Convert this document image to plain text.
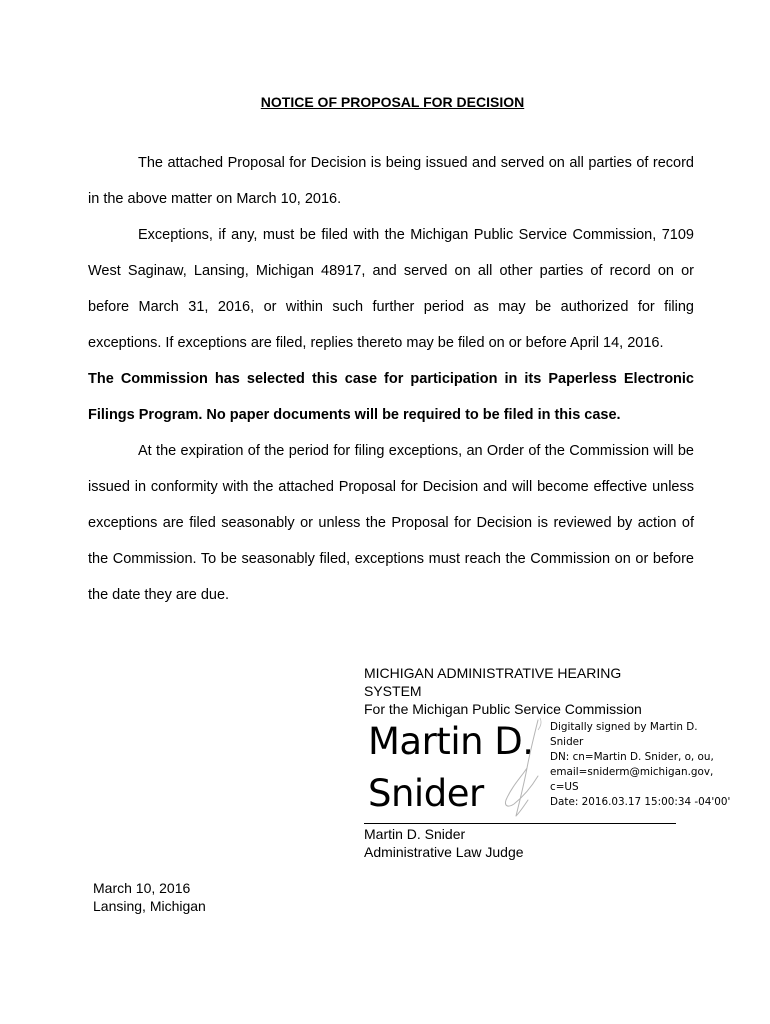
NOTICE OF PROPOSAL FOR DECISION

The attached Proposal for Decision is being issued and served on all parties of record in the above matter on March 10, 2016.

Exceptions, if any, must be filed with the Michigan Public Service Commission, 7109 West Saginaw, Lansing, Michigan 48917, and served on all other parties of record on or before March 31, 2016, or within such further period as may be authorized for filing exceptions. If exceptions are filed, replies thereto may be filed on or before April 14, 2016.

The Commission has selected this case for participation in its Paperless Electronic Filings Program. No paper documents will be required to be filed in this case.

At the expiration of the period for filing exceptions, an Order of the Commission will be issued in conformity with the attached Proposal for Decision and will become effective unless exceptions are filed seasonably or unless the Proposal for Decision is reviewed by action of the Commission. To be seasonably filed, exceptions must reach the Commission on or before the date they are due.

MICHIGAN ADMINISTRATIVE HEARING
SYSTEM
For the Michigan Public Service Commission
Martin D.
Snider
Digitally signed by Martin D.
Snider
DN: cn=Martin D. Snider, o, ou,
email=sniderm@michigan.gov,
c=US
Date: 2016.03.17 15:00:34 -04'00'
Martin D. Snider
Administrative Law Judge
March 10, 2016
Lansing, Michigan
